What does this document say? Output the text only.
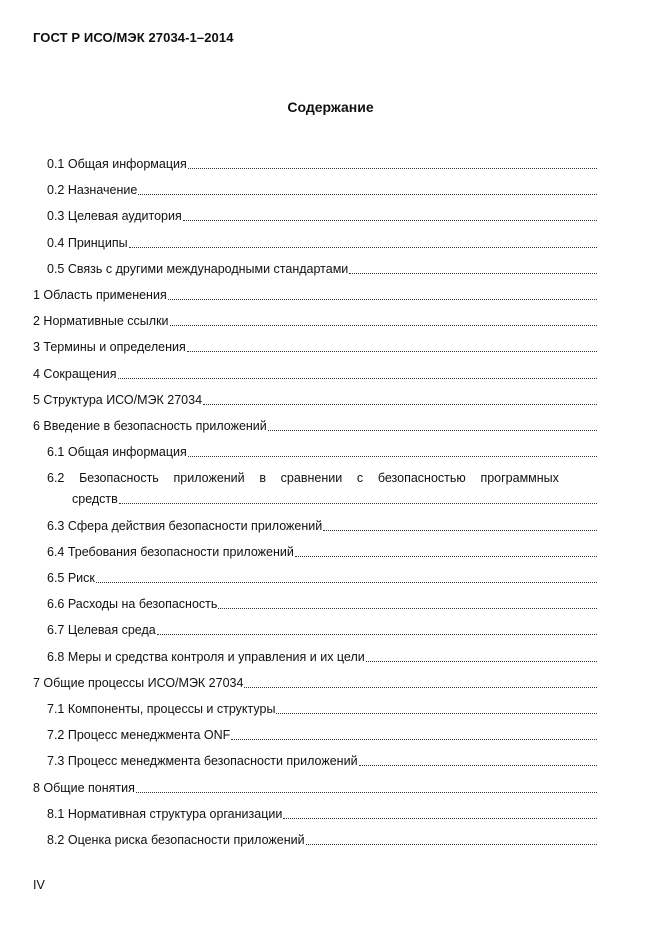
ГОСТ Р ИСО/МЭК 27034-1–2014
Содержание
0.1 Общая информация
0.2 Назначение
0.3 Целевая аудитория
0.4 Принципы
0.5 Связь с другими международными стандартами
1 Область применения
2 Нормативные ссылки
3 Термины и определения
4 Сокращения
5 Структура ИСО/МЭК 27034
6 Введение в безопасность приложений
6.1 Общая информация
6.2 Безопасность приложений в сравнении с безопасностью программных
средств
6.3 Сфера действия безопасности приложений
6.4 Требования безопасности приложений
6.5 Риск
6.6 Расходы на безопасность
6.7 Целевая среда
6.8 Меры и средства контроля и управления и их цели
7 Общие процессы ИСО/МЭК 27034
7.1 Компоненты, процессы и структуры
7.2 Процесс менеджмента ONF
7.3 Процесс менеджмента безопасности приложений
8 Общие понятия
8.1 Нормативная структура организации
8.2 Оценка риска безопасности приложений
IV
